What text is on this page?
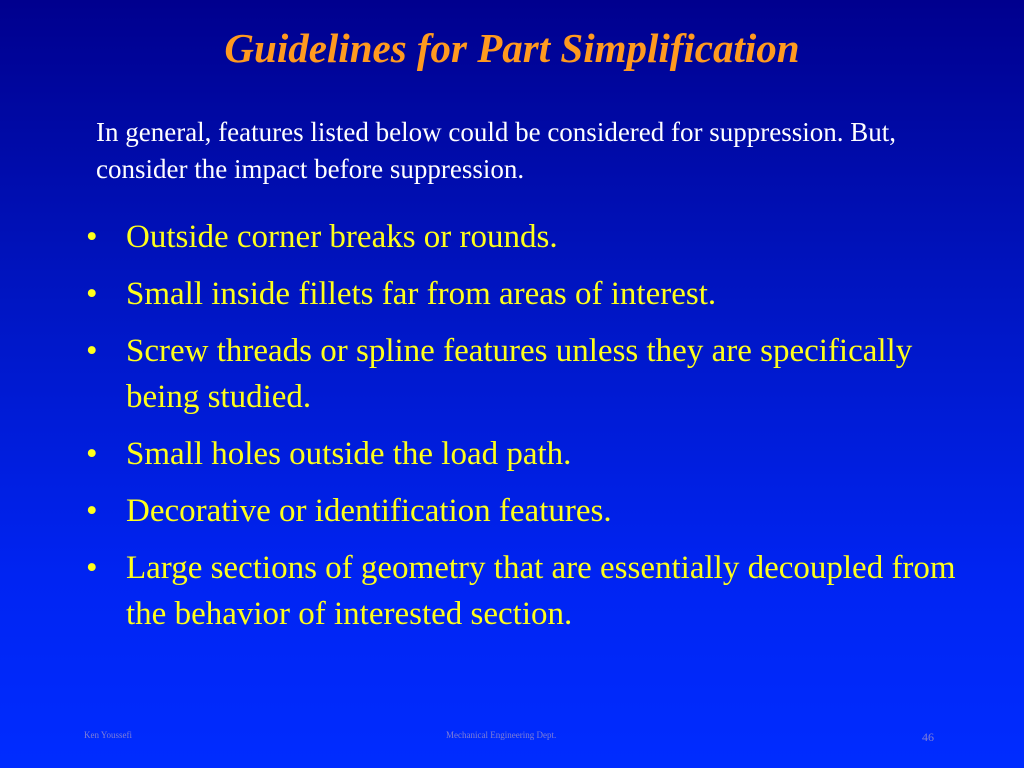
Guidelines for Part Simplification

In general, features listed below could be considered for suppression. But, consider the impact before suppression.

• Outside corner breaks or rounds.
• Small inside fillets far from areas of interest.
• Screw threads or spline features unless they are specifically being studied.
• Small holes outside the load path.
• Decorative or identification features.
• Large sections of geometry that are essentially decoupled from the behavior of interested section.
Ken Youssefi	Mechanical Engineering Dept.	46
